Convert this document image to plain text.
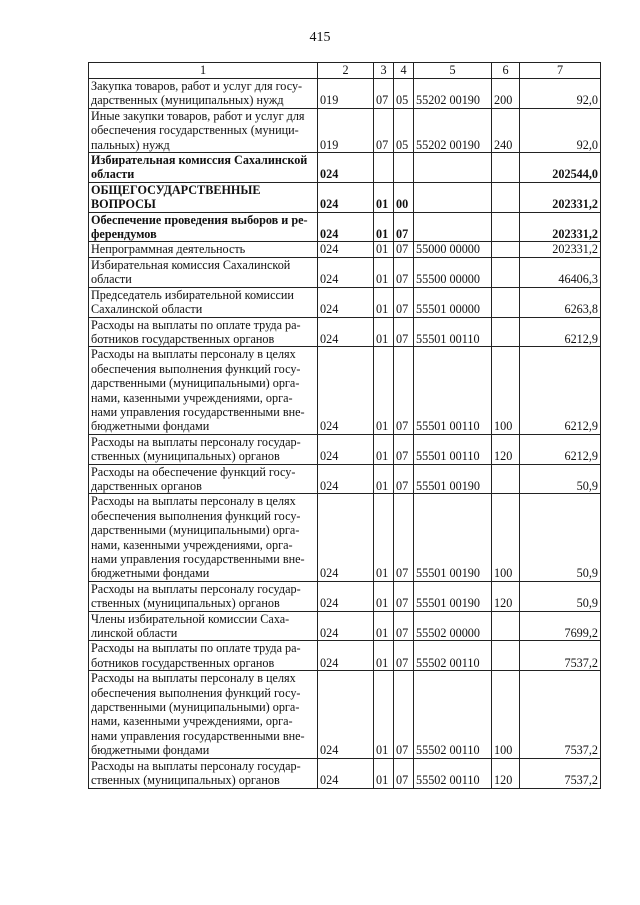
415
1	2	3	4	5	6	7
Закупка товаров, работ и услуг для госу-дарственных (муниципальных) нужд	019	07	05	55202 00190	200	92,0
Иные закупки товаров, работ и услуг для обеспечения государственных (муници-пальных) нужд	019	07	05	55202 00190	240	92,0
Избирательная комиссия Сахалинской области	024					202544,0
ОБЩЕГОСУДАРСТВЕННЫЕ ВОПРОСЫ	024	01	00			202331,2
Обеспечение проведения выборов и ре-ферендумов	024	01	07			202331,2
Непрограммная деятельность	024	01	07	55000 00000		202331,2
Избирательная комиссия Сахалинской области	024	01	07	55500 00000		46406,3
Председатель избирательной комиссии Сахалинской области	024	01	07	55501 00000		6263,8
Расходы на выплаты по оплате труда ра-ботников государственных органов	024	01	07	55501 00110		6212,9
Расходы на выплаты персоналу в целях обеспечения выполнения функций госу-дарственными (муниципальными) орга-нами, казенными учреждениями, орга-нами управления государственными вне-бюджетными фондами	024	01	07	55501 00110	100	6212,9
Расходы на выплаты персоналу государ-ственных (муниципальных) органов	024	01	07	55501 00110	120	6212,9
Расходы на обеспечение функций госу-дарственных органов	024	01	07	55501 00190		50,9
Расходы на выплаты персоналу в целях обеспечения выполнения функций госу-дарственными (муниципальными) орга-нами, казенными учреждениями, орга-нами управления государственными вне-бюджетными фондами	024	01	07	55501 00190	100	50,9
Расходы на выплаты персоналу государ-ственных (муниципальных) органов	024	01	07	55501 00190	120	50,9
Члены избирательной комиссии Саха-линской области	024	01	07	55502 00000		7699,2
Расходы на выплаты по оплате труда ра-ботников государственных органов	024	01	07	55502 00110		7537,2
Расходы на выплаты персоналу в целях обеспечения выполнения функций госу-дарственными (муниципальными) орга-нами, казенными учреждениями, орга-нами управления государственными вне-бюджетными фондами	024	01	07	55502 00110	100	7537,2
Расходы на выплаты персоналу государ-ственных (муниципальных) органов	024	01	07	55502 00110	120	7537,2
